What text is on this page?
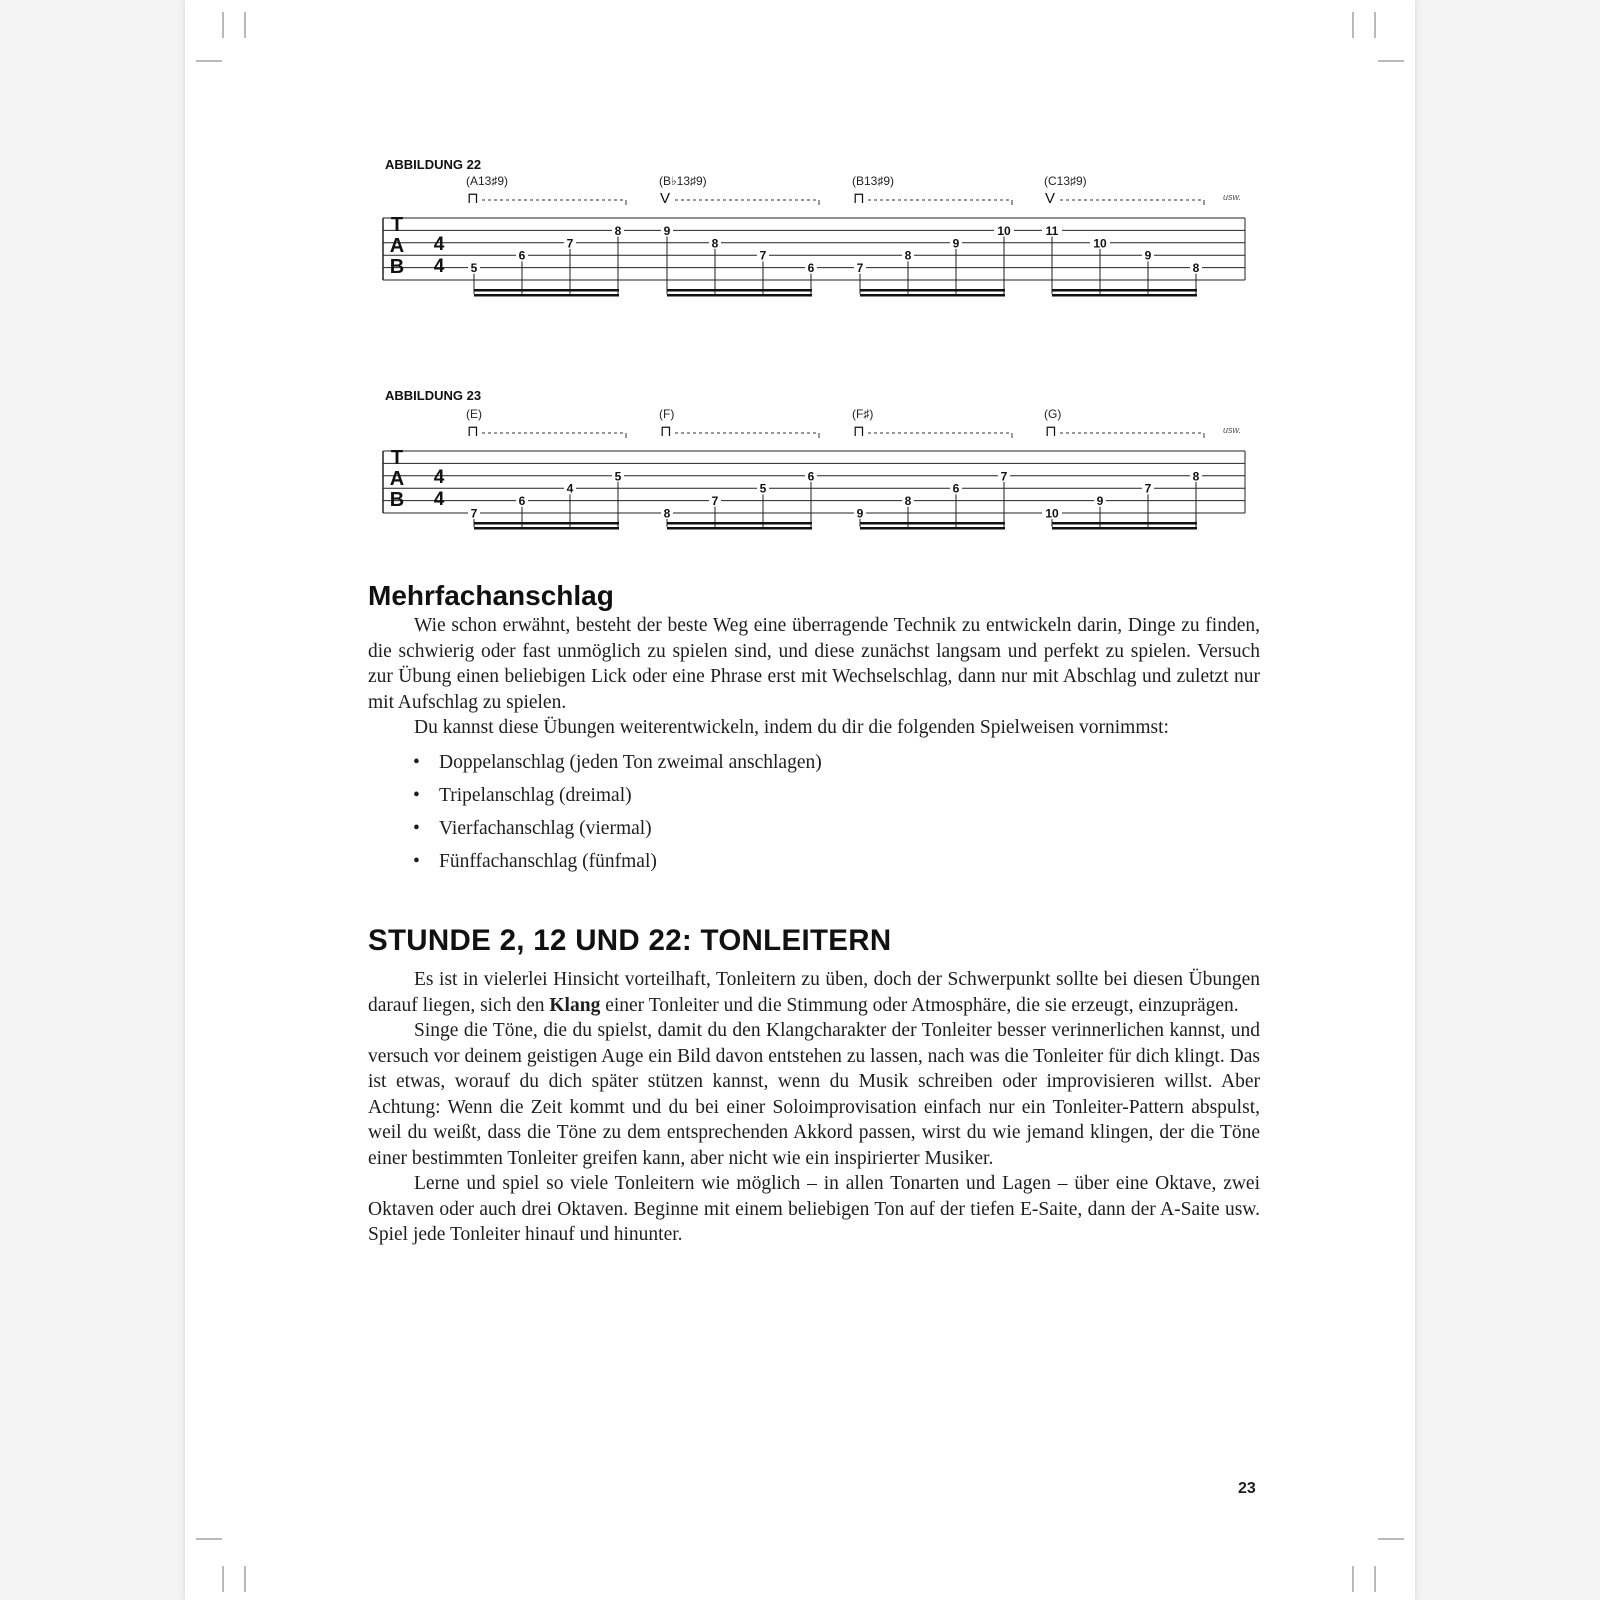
ABBILDUNG 22
T
A
B
4
4
(A13♯9)
⊓
5
6
7
8
(B♭13♯9)
V
9
8
7
6
(B13♯9)
⊓
7
8
9
10
(C13♯9)
V
11
10
9
8
usw.
ABBILDUNG 23
T
A
B
4
4
(E)
⊓
7
6
4
5
(F)
⊓
8
7
5
6
(F♯)
⊓
9
8
6
7
(G)
⊓
10
9
7
8
usw.
Mehrfachanschlag

Wie schon erwähnt, besteht der beste Weg eine überragende Technik zu entwickeln darin, Dinge zu finden, die schwierig oder fast unmöglich zu spielen sind, und diese zunächst langsam und perfekt zu spielen. Versuch zur Übung einen beliebigen Lick oder eine Phrase erst mit Wechselschlag, dann nur mit Abschlag und zuletzt nur mit Aufschlag zu spielen.

Du kannst diese Übungen weiterentwickeln, indem du dir die folgenden Spielweisen vornimmst:

• Doppelanschlag (jeden Ton zweimal anschlagen)
• Tripelanschlag (dreimal)
• Vierfachanschlag (viermal)
• Fünffachanschlag (fünfmal)
STUNDE 2, 12 UND 22: TONLEITERN

Es ist in vielerlei Hinsicht vorteilhaft, Tonleitern zu üben, doch der Schwerpunkt sollte bei diesen Übungen darauf liegen, sich den Klang einer Tonleiter und die Stimmung oder Atmosphäre, die sie erzeugt, einzuprägen.

Singe die Töne, die du spielst, damit du den Klangcharakter der Tonleiter besser verinnerlichen kannst, und versuch vor deinem geistigen Auge ein Bild davon entstehen zu lassen, nach was die Tonleiter für dich klingt. Das ist etwas, worauf du dich später stützen kannst, wenn du Musik schreiben oder improvisieren willst. Aber Achtung: Wenn die Zeit kommt und du bei einer Soloimprovisation einfach nur ein Tonleiter-Pattern abspulst, weil du weißt, dass die Töne zu dem entsprechenden Akkord passen, wirst du wie jemand klingen, der die Töne einer bestimmten Tonleiter greifen kann, aber nicht wie ein inspirierter Musiker.

Lerne und spiel so viele Tonleitern wie möglich – in allen Tonarten und Lagen – über eine Oktave, zwei Oktaven oder auch drei Oktaven. Beginne mit einem beliebigen Ton auf der tiefen E-Saite, dann der A-Saite usw. Spiel jede Tonleiter hinauf und hinunter.

23
